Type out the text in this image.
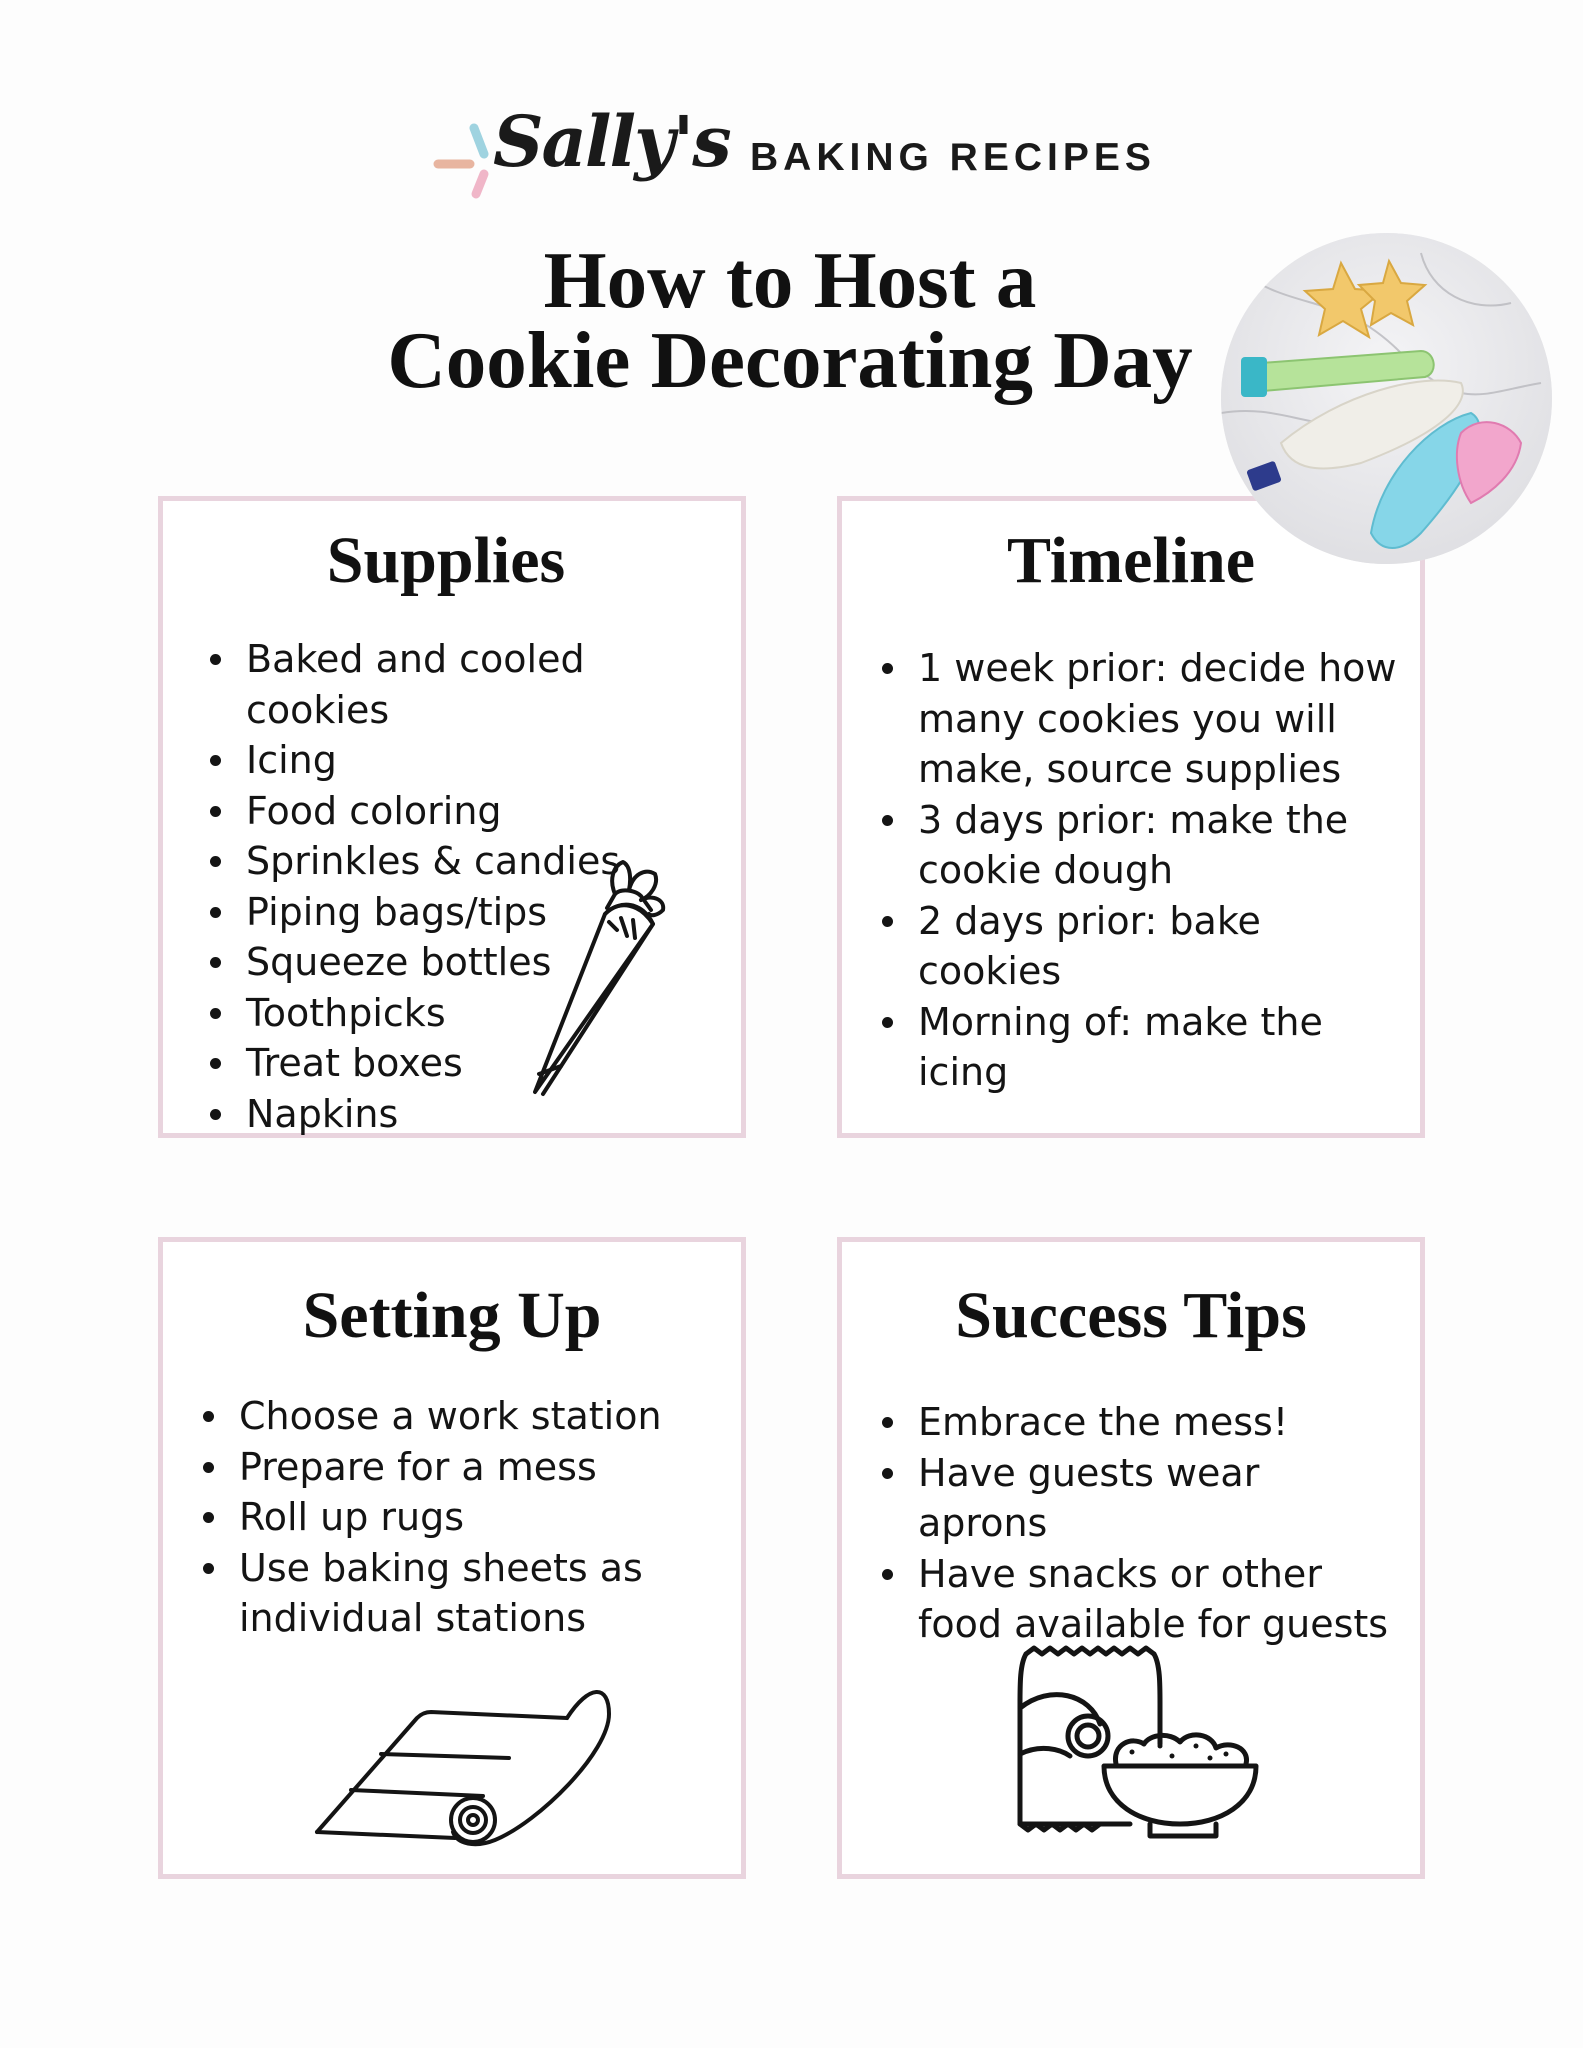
Sally's BAKING RECIPES
How to Host a
Cookie Decorating Day
Supplies
Baked and cooled cookies
Icing
Food coloring
Sprinkles & candies
Piping bags/tips
Squeeze bottles
Toothpicks
Treat boxes
Napkins
Timeline
1 week prior: decide how many cookies you will make, source supplies
3 days prior: make the cookie dough
2 days prior: bake cookies
Morning of: make the icing
Setting Up
Choose a work station
Prepare for a mess
Roll up rugs
Use baking sheets as individual stations
Success Tips
Embrace the mess!
Have guests wear aprons
Have snacks or other food available for guests
